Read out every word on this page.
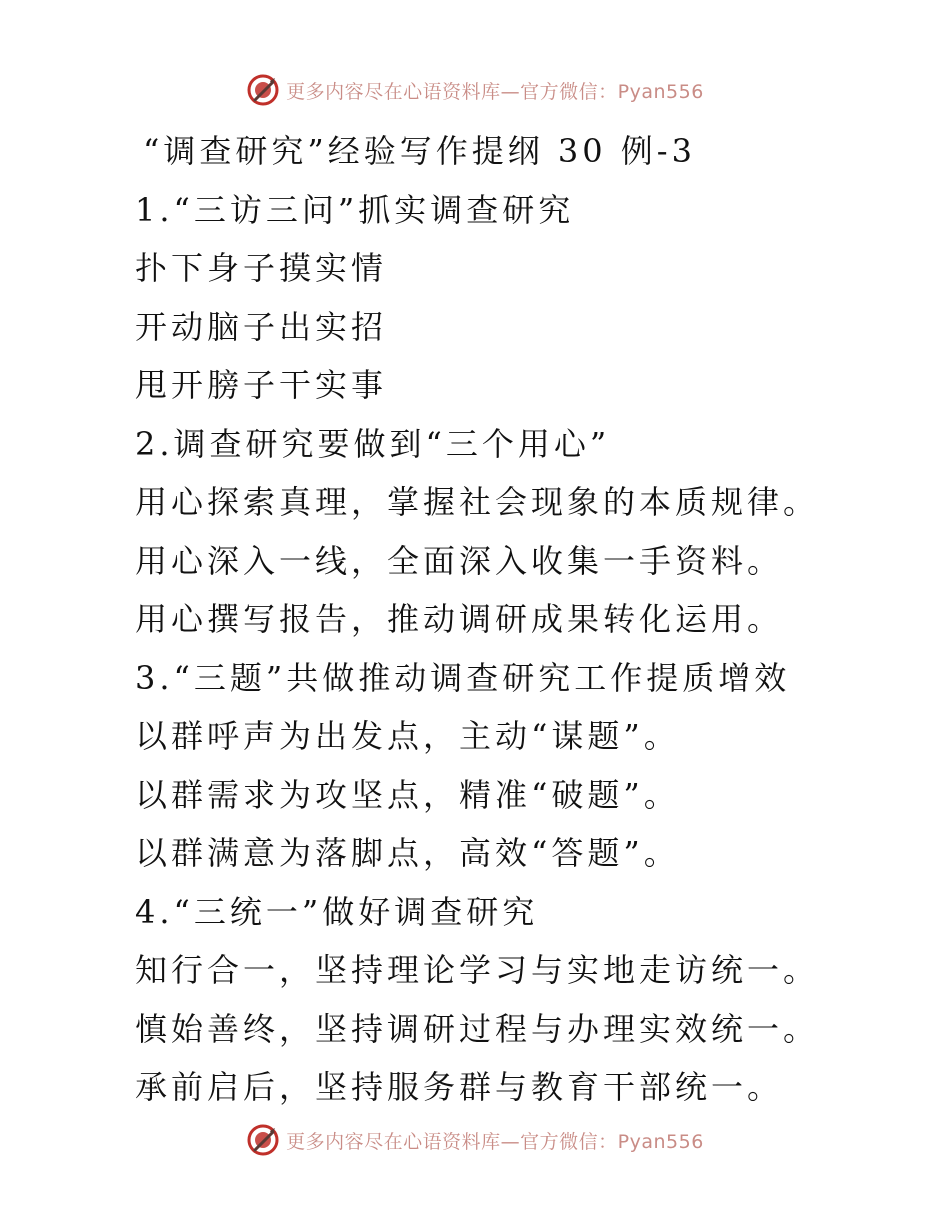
更多内容尽在心语资料库—官方微信：Pyan556
“调查研究”经验写作提纲 30 例-3
1.“三访三问”抓实调查研究
扑下身子摸实情
开动脑子出实招
甩开膀子干实事
2.调查研究要做到“三个用心”
用心探索真理，掌握社会现象的本质规律。
用心深入一线，全面深入收集一手资料。
用心撰写报告，推动调研成果转化运用。
3.“三题”共做推动调查研究工作提质增效
以群呼声为出发点，主动“谋题”。
以群需求为攻坚点，精准“破题”。
以群满意为落脚点，高效“答题”。
4.“三统一”做好调查研究
知行合一，坚持理论学习与实地走访统一。
慎始善终，坚持调研过程与办理实效统一。
承前启后，坚持服务群与教育干部统一。
更多内容尽在心语资料库—官方微信：Pyan556
